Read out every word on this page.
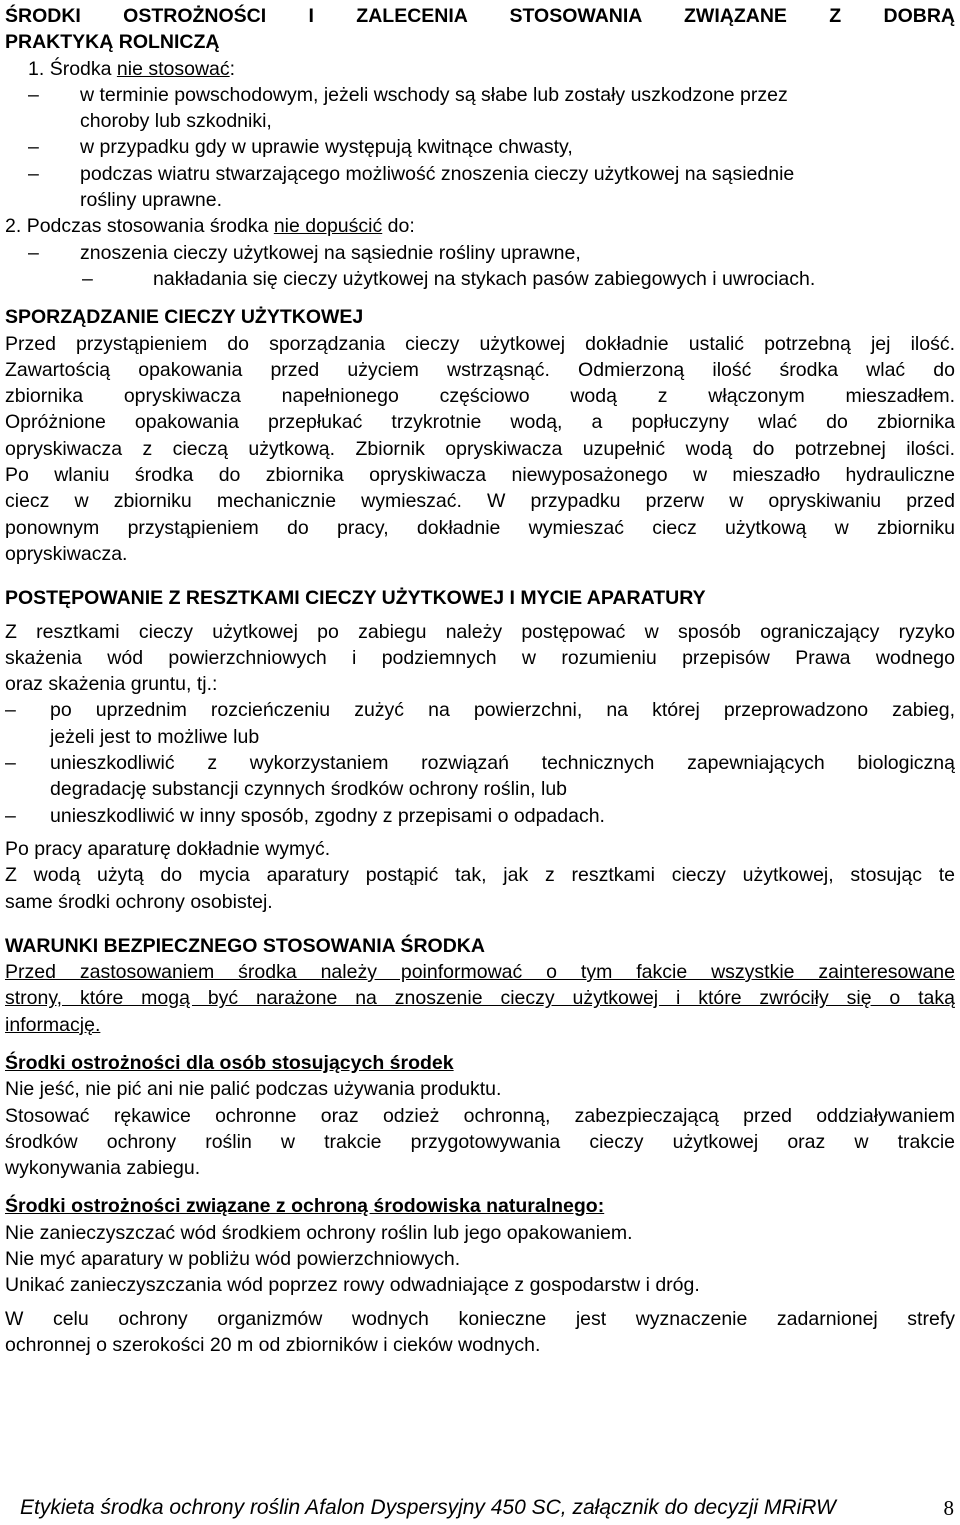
ŚRODKI OSTROŻNOŚCI I ZALECENIA STOSOWANIA ZWIĄZANE Z DOBRĄ
PRAKTYKĄ ROLNICZĄ
1. Środka nie stosować:
– w terminie powschodowym, jeżeli wschody są słabe lub zostały uszkodzone przez
choroby lub szkodniki,
– w przypadku gdy w uprawie występują kwitnące chwasty,
– podczas wiatru stwarzającego możliwość znoszenia cieczy użytkowej na sąsiednie
rośliny uprawne.
2. Podczas stosowania środka nie dopuścić do:
– znoszenia cieczy użytkowej na sąsiednie rośliny uprawne,
–	nakładania się cieczy użytkowej na stykach pasów zabiegowych i uwrociach.
SPORZĄDZANIE CIECZY UŻYTKOWEJ
Przed przystąpieniem do sporządzania cieczy użytkowej dokładnie ustalić potrzebną jej ilość.
Zawartością opakowania przed użyciem wstrząsnąć. Odmierzoną ilość środka wlać do
zbiornika opryskiwacza napełnionego częściowo wodą z włączonym mieszadłem.
Opróżnione opakowania przepłukać trzykrotnie wodą, a popłuczyny wlać do zbiornika
opryskiwacza z cieczą użytkową. Zbiornik opryskiwacza uzupełnić wodą do potrzebnej ilości.
Po wlaniu środka do zbiornika opryskiwacza niewyposażonego w mieszadło hydrauliczne
ciecz w zbiorniku mechanicznie wymieszać. W przypadku przerw w opryskiwaniu przed
ponownym przystąpieniem do pracy, dokładnie wymieszać ciecz użytkową w zbiorniku
opryskiwacza.
POSTĘPOWANIE Z RESZTKAMI CIECZY UŻYTKOWEJ I MYCIE APARATURY
Z resztkami cieczy użytkowej po zabiegu należy postępować w sposób ograniczający ryzyko
skażenia wód powierzchniowych i podziemnych w rozumieniu przepisów Prawa wodnego
oraz skażenia gruntu, tj.:
– po uprzednim rozcieńczeniu zużyć na powierzchni, na której przeprowadzono zabieg,
jeżeli jest to możliwe lub
– unieszkodliwić z wykorzystaniem rozwiązań technicznych zapewniających biologiczną
degradację substancji czynnych środków ochrony roślin, lub
– unieszkodliwić w inny sposób, zgodny z przepisami o odpadach.
Po pracy aparaturę dokładnie wymyć.
Z wodą użytą do mycia aparatury postąpić tak, jak z resztkami cieczy użytkowej, stosując te
same środki ochrony osobistej.
WARUNKI BEZPIECZNEGO STOSOWANIA ŚRODKA
Przed zastosowaniem środka należy poinformować o tym fakcie wszystkie zainteresowane
strony, które mogą być narażone na znoszenie cieczy użytkowej i które zwróciły się o taką
informację.
Środki ostrożności dla osób stosujących środek
Nie jeść, nie pić ani nie palić podczas używania produktu.
Stosować rękawice ochronne oraz odzież ochronną, zabezpieczającą przed oddziaływaniem
środków ochrony roślin w trakcie przygotowywania cieczy użytkowej oraz w trakcie
wykonywania zabiegu.
Środki ostrożności związane z ochroną środowiska naturalnego:
Nie zanieczyszczać wód środkiem ochrony roślin lub jego opakowaniem.
Nie myć aparatury w pobliżu wód powierzchniowych.
Unikać zanieczyszczania wód poprzez rowy odwadniające z gospodarstw i dróg.
W celu ochrony organizmów wodnych konieczne jest wyznaczenie zadarnionej strefy
ochronnej o szerokości 20 m od zbiorników i cieków wodnych.
Etykieta środka ochrony roślin Afalon Dyspersyjny 450 SC, załącznik do decyzji MRiRW	8
